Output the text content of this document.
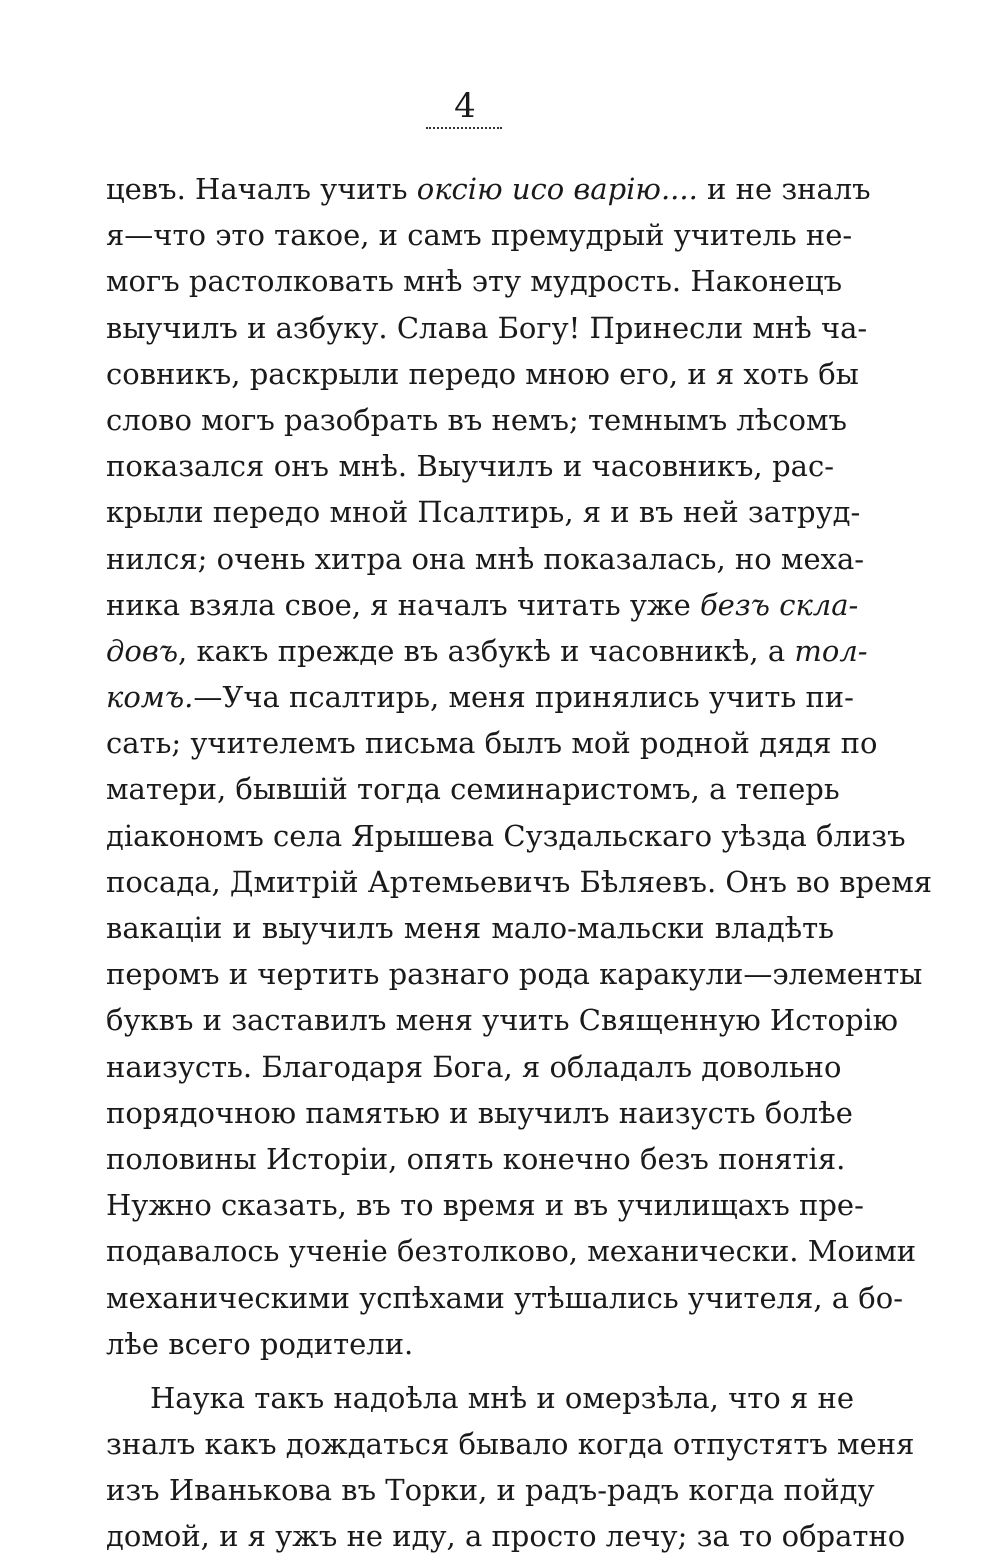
4
цевъ. Началъ учить оксію исо варію.... и не зналъ
я—что это такое, и самъ премудрый учитель не-
могъ растолковать мнѣ эту мудрость. Наконецъ
выучилъ и азбуку. Слава Богу! Принесли мнѣ ча-
совникъ, раскрыли передо мною его, и я хоть бы
слово могъ разобрать въ немъ; темнымъ лѣсомъ
показался онъ мнѣ. Выучилъ и часовникъ, рас-
крыли передо мной Псалтирь, я и въ ней затруд-
нился; очень хитра она мнѣ показалась, но меха-
ника взяла свое, я началъ читать уже безъ скла-
довъ, какъ прежде въ азбукѣ и часовникѣ, а тол-
комъ.—Уча псалтирь, меня принялись учить пи-
сать; учителемъ письма былъ мой родной дядя по
матери, бывшій тогда семинаристомъ, а теперь
діакономъ села Ярышева Суздальскаго уѣзда близъ
посада, Дмитрій Артемьевичъ Бѣляевъ. Онъ во время
вакаціи и выучилъ меня мало-мальски владѣть
перомъ и чертить разнаго рода каракули—элементы
буквъ и заставилъ меня учить Священную Исторію
наизусть. Благодаря Бога, я обладалъ довольно
порядочною памятью и выучилъ наизусть болѣе
половины Исторіи, опять конечно безъ понятія.
Нужно сказать, въ то время и въ училищахъ пре-
подавалось ученіе безтолково, механически. Моими
механическими успѣхами утѣшались учителя, а бо-
лѣе всего родители.
Наука такъ надоѣла мнѣ и омерзѣла, что я не
зналъ какъ дождаться бывало когда отпустятъ меня
изъ Иванькова въ Торки, и радъ-радъ когда пойду
домой, и я ужъ не иду, а просто лечу; за то обратно
